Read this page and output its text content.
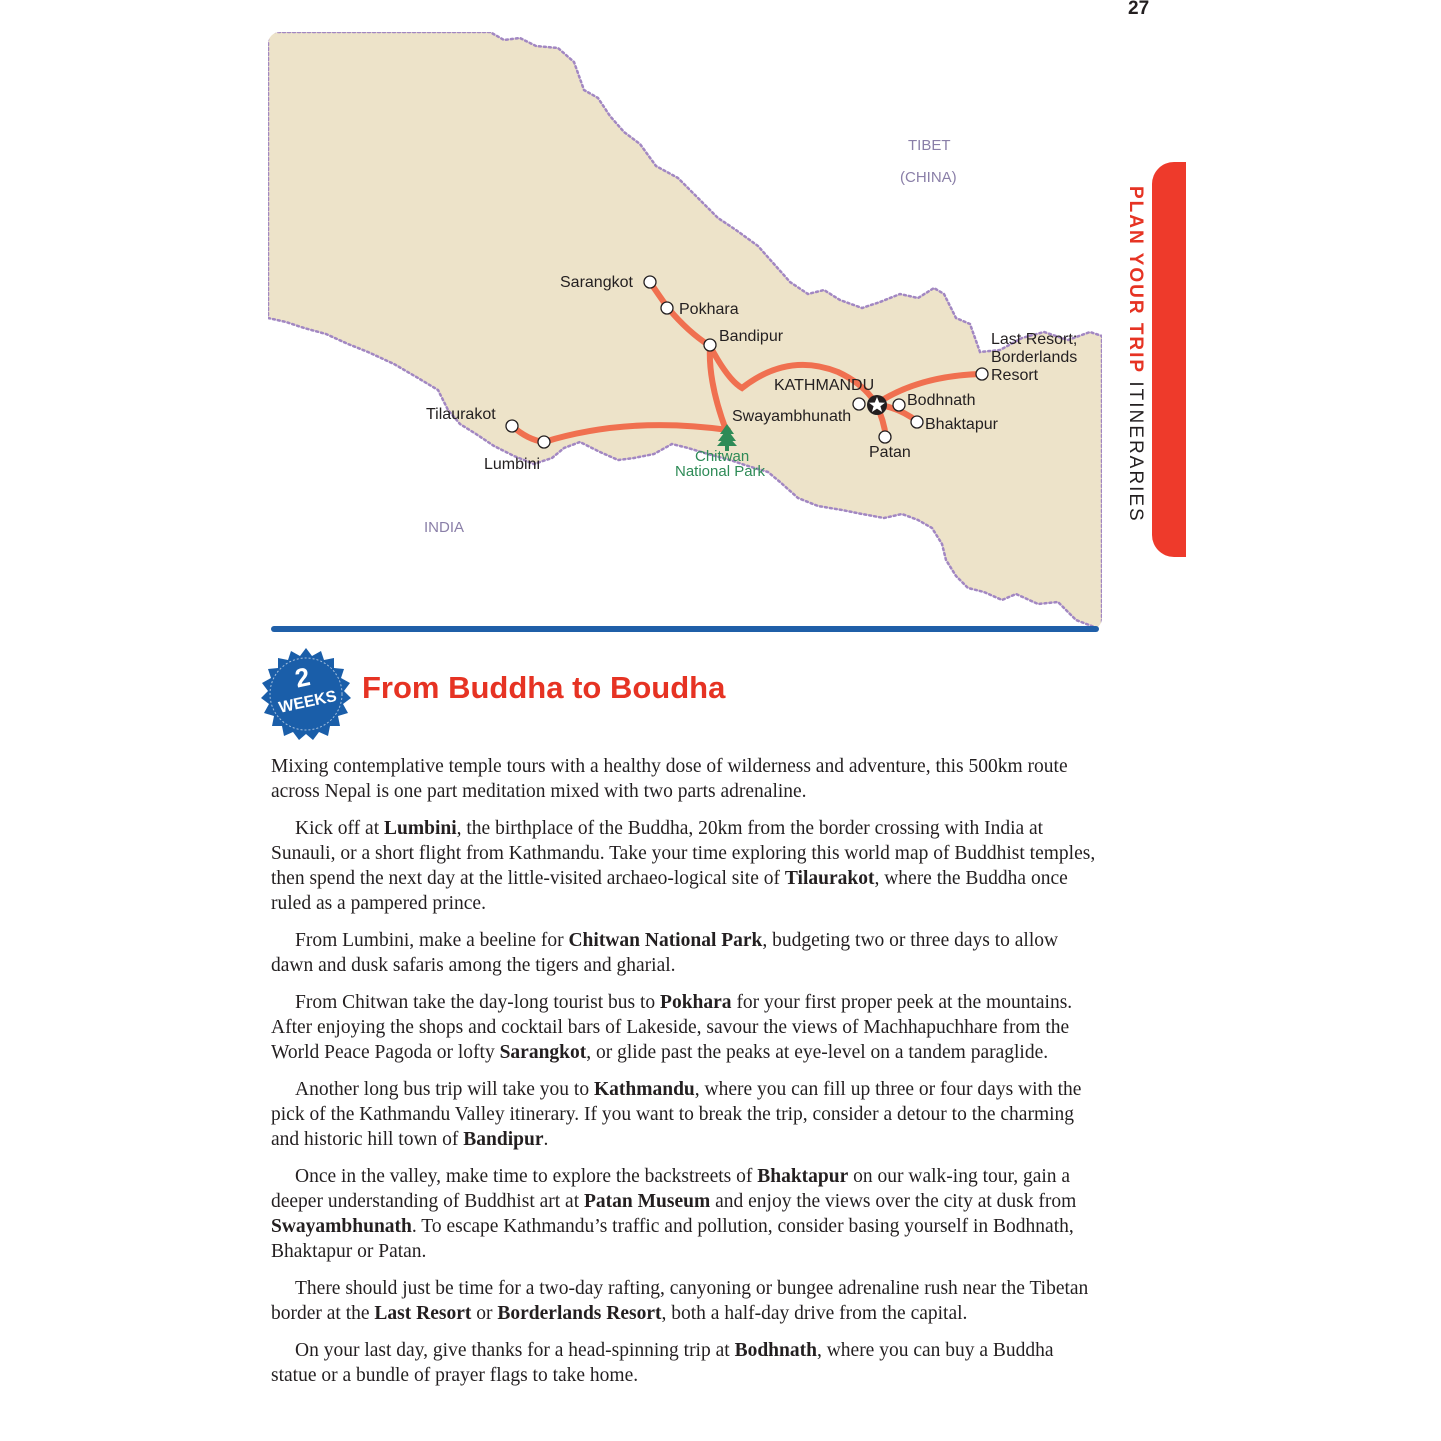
27
PLAN YOUR TRIP ITINERARIES
TIBET
(CHINA)
INDIA
Sarangkot
Pokhara
Bandipur
KATHMANDU
Swayambhunath
Bodhnath
Bhaktapur
Patan
Last Resort;
Borderlands
Resort
Tilaurakot
Lumbini	Chitwan
National Park
2
WEEKS From Buddha to Boudha

Mixing contemplative temple tours with a healthy dose of wilderness and adventure, this 500km route across Nepal is one part meditation mixed with two parts adrenaline.

Kick off at Lumbini, the birthplace of the Buddha, 20km from the border crossing with India at Sunauli, or a short flight from Kathmandu. Take your time exploring this world map of Buddhist temples, then spend the next day at the little-visited archaeo-logical site of Tilaurakot, where the Buddha once ruled as a pampered prince.

From Lumbini, make a beeline for Chitwan National Park, budgeting two or three days to allow dawn and dusk safaris among the tigers and gharial.

From Chitwan take the day-long tourist bus to Pokhara for your first proper peek at the mountains. After enjoying the shops and cocktail bars of Lakeside, savour the views of Machhapuchhare from the World Peace Pagoda or lofty Sarangkot, or glide past the peaks at eye-level on a tandem paraglide.

Another long bus trip will take you to Kathmandu, where you can fill up three or four days with the pick of the Kathmandu Valley itinerary. If you want to break the trip, consider a detour to the charming and historic hill town of Bandipur.

Once in the valley, make time to explore the backstreets of Bhaktapur on our walk-ing tour, gain a deeper understanding of Buddhist art at Patan Museum and enjoy the views over the city at dusk from Swayambhunath. To escape Kathmandu’s traffic and pollution, consider basing yourself in Bodhnath, Bhaktapur or Patan.

There should just be time for a two-day rafting, canyoning or bungee adrenaline rush near the Tibetan border at the Last Resort or Borderlands Resort, both a half-day drive from the capital.

On your last day, give thanks for a head-spinning trip at Bodhnath, where you can buy a Buddha statue or a bundle of prayer flags to take home.
